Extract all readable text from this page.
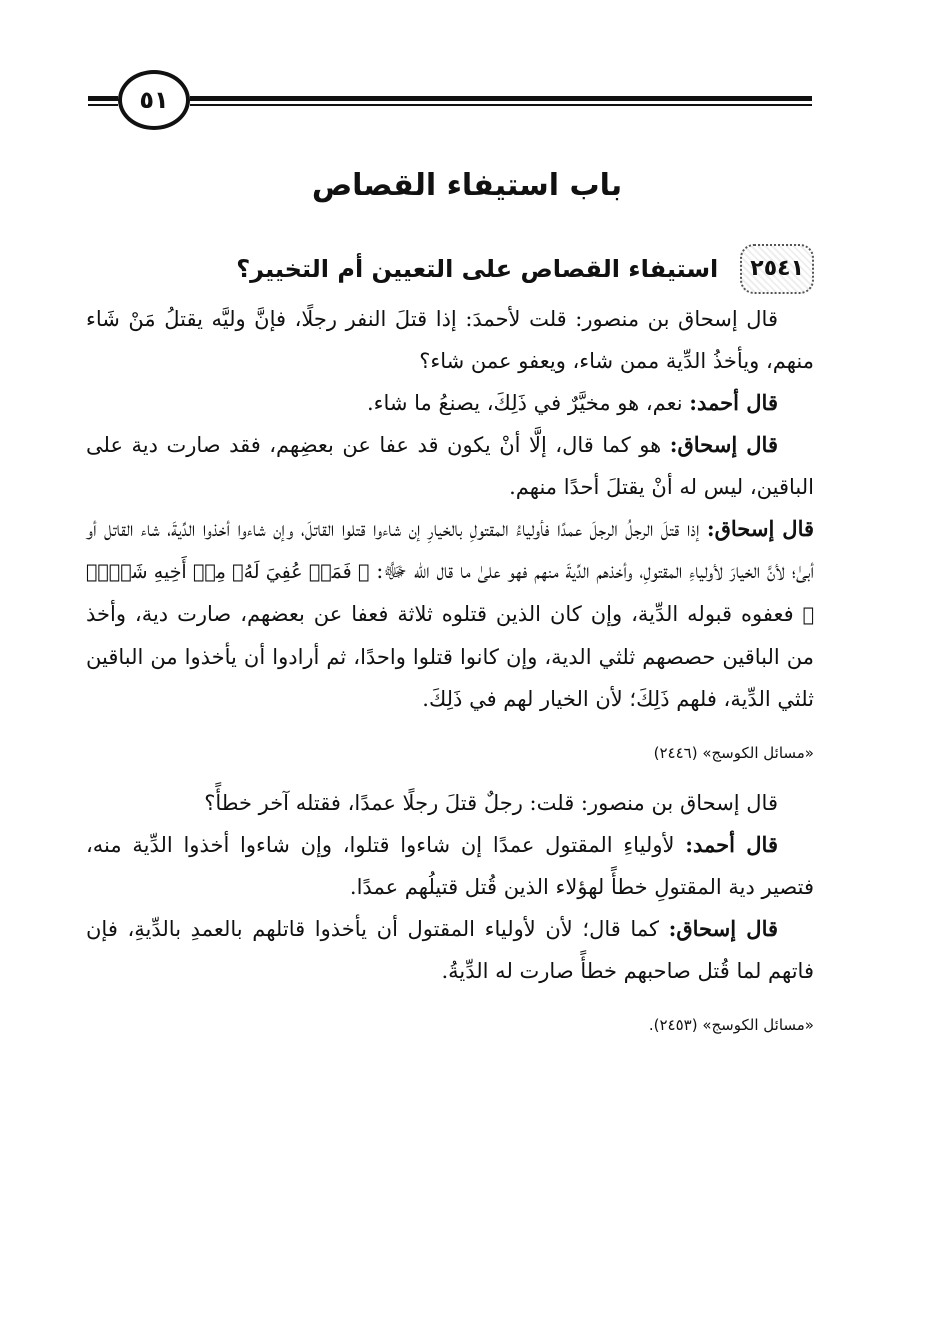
٥١
باب استيفاء القصاص
٢٥٤١
استيفاء القصاص على التعيين أم التخيير؟

قال إسحاق بن منصور: قلت لأحمدَ: إذا قتلَ النفر رجلًا، فإنَّ وليَّه يقتلُ مَنْ شَاء منهم، ويأخذُ الدِّية ممن شاء، ويعفو عمن شاء؟

قال أحمد: نعم، هو مخيَّرٌ في ذَلِكَ، يصنعُ ما شاء.

قال إسحاق: هو كما قال، إلَّا أنْ يكون قد عفا عن بعضِهم، فقد صارت دية على الباقين، ليس له أنْ يقتلَ أحدًا منهم.

قال إسحاق: إذا قتلَ الرجلُ الرجلَ عمدًا فأولياءُ المقتولِ بالخيارِ إن شاءوا قتلوا القاتلَ، وإن شاءوا أخذوا الدِّيةَ، شاء القاتل أو أبىٰ؛ لأنَّ الخيارَ لأولياءِ المقتولِ، وأخذهم الدِّيةَ منهم فهو علىٰ ما قال الله ﷻ: ﴿ فَمَنۡ عُفِيَ لَهُۥ مِنۡ أَخِيهِ شَيۡءٞ ﴾ فعفوه قبوله الدِّية، وإن كان الذين قتلوه ثلاثة فعفا عن بعضهم، صارت دية، وأخذ من الباقين حصصهم ثلثي الدية، وإن كانوا قتلوا واحدًا، ثم أرادوا أن يأخذوا من الباقين ثلثي الدِّية، فلهم ذَلِكَ؛ لأن الخيار لهم في ذَلِكَ.

«مسائل الكوسج» (٢٤٤٦)

قال إسحاق بن منصور: قلت: رجلٌ قتلَ رجلًا عمدًا، فقتله آخر خطأً؟

قال أحمد: لأولياءِ المقتول عمدًا إن شاءوا قتلوا، وإن شاءوا أخذوا الدِّية منه، فتصير دية المقتولِ خطأً لهؤلاء الذين قُتل قتيلُهم عمدًا.

قال إسحاق: كما قال؛ لأن لأولياء المقتول أن يأخذوا قاتلهم بالعمدِ بالدِّيةِ، فإن فاتهم لما قُتل صاحبهم خطأً صارت له الدِّيةُ.

«مسائل الكوسج» (٢٤٥٣).
